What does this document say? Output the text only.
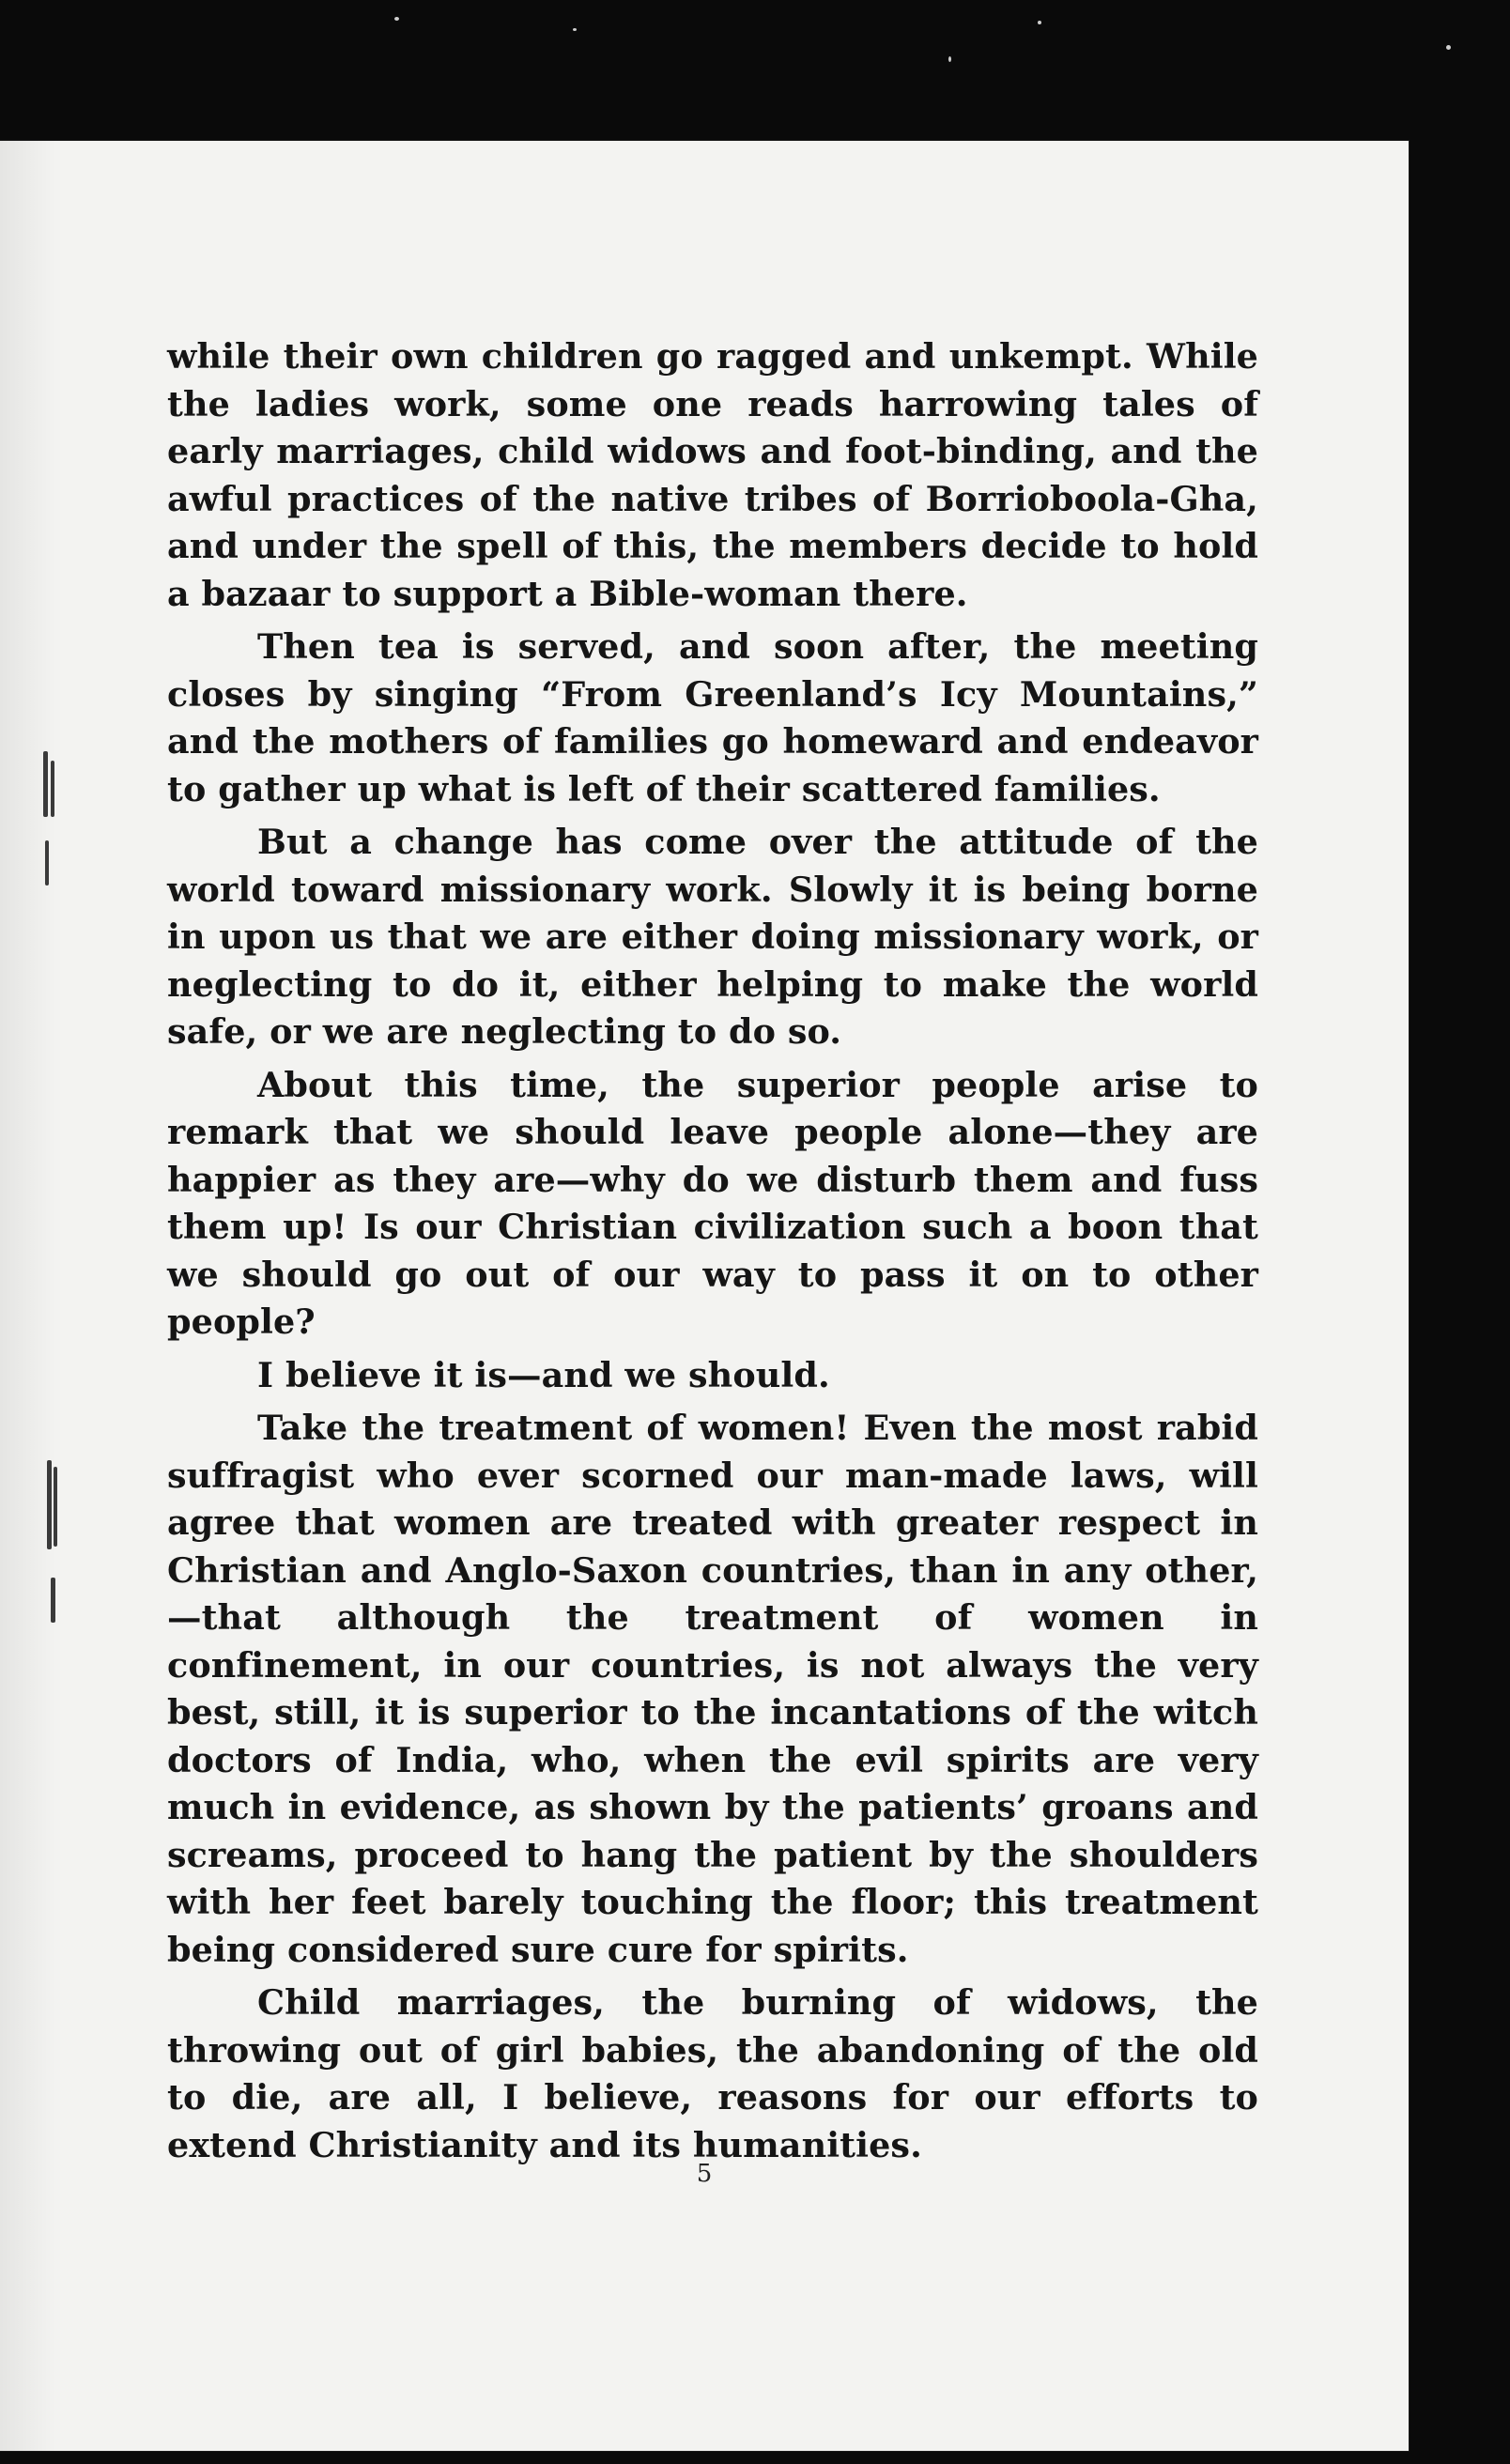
while their own children go ragged and unkempt. While the ladies work, some one reads harrowing tales of early marriages, child widows and foot-binding, and the awful practices of the native tribes of Borrioboola-Gha, and under the spell of this, the members decide to hold a bazaar to support a Bible-woman there.

Then tea is served, and soon after, the meeting closes by singing “From Greenland’s Icy Mountains,” and the mothers of families go homeward and endeavor to gather up what is left of their scattered families.

But a change has come over the attitude of the world toward missionary work. Slowly it is being borne in upon us that we are either doing missionary work, or neglecting to do it, either helping to make the world safe, or we are neglecting to do so.

About this time, the superior people arise to remark that we should leave people alone—they are happier as they are—why do we disturb them and fuss them up! Is our Christian civilization such a boon that we should go out of our way to pass it on to other people?

I believe it is—and we should.

Take the treatment of women! Even the most rabid suffragist who ever scorned our man-made laws, will agree that women are treated with greater respect in Christian and Anglo-Saxon countries, than in any other, —that although the treatment of women in confinement, in our countries, is not always the very best, still, it is superior to the incantations of the witch doctors of India, who, when the evil spirits are very much in evidence, as shown by the patients’ groans and screams, proceed to hang the patient by the shoulders with her feet barely touching the floor; this treatment being considered sure cure for spirits.

Child marriages, the burning of widows, the throwing out of girl babies, the abandoning of the old to die, are all, I believe, reasons for our efforts to extend Christianity and its humanities.

5
